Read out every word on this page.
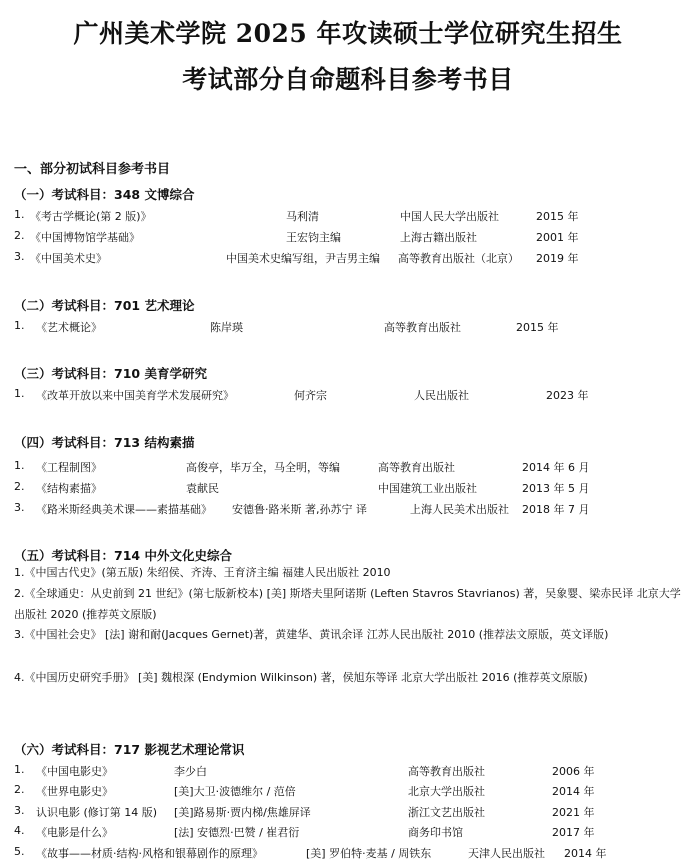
广州美术学院 2025 年攻读硕士学位研究生招生
考试部分自命题科目参考书目
一、部分初试科目参考书目
（一）考试科目：348 文博综合
1. 《考古学概论(第 2 版)》	马利清	中国人民大学出版社	2015 年
2. 《中国博物馆学基础》	王宏钧主编	上海古籍出版社	2001 年
3. 《中国美术史》	中国美术史编写组，尹吉男主编 高等教育出版社（北京） 2019 年
（二）考试科目：701 艺术理论
1. 《艺术概论》	陈岸瑛	高等教育出版社	2015 年
（三）考试科目：710 美育学研究
1. 《改革开放以来中国美育学术发展研究》	何齐宗	人民出版社	2023 年
（四）考试科目：713 结构素描
1. 《工程制图》	高俊亭，毕万全，马全明，等编	高等教育出版社	2014 年 6 月
2. 《结构素描》	袁献民	中国建筑工业出版社	2013 年 5 月
3. 《路米斯经典美术课——素描基础》 安德鲁·路米斯 著,孙苏宁 译	上海人民美术出版社 2018 年 7 月
（五）考试科目：714 中外文化史综合
1.《中国古代史》(第五版) 朱绍侯、齐涛、王育济主编 福建人民出版社 2010
2.《全球通史：从史前到 21 世纪》(第七版新校本) [美] 斯塔夫里阿诺斯 (Leften Stavros Stavrianos) 著，吴象婴、梁赤民译 北京大学出版社 2020 (推荐英文原版)
3.《中国社会史》 [法] 谢和耐(Jacques Gernet)著，黄建华、黄讯余译 江苏人民出版社 2010 (推荐法文原版，英文译版)
4.《中国历史研究手册》 [美] 魏根深 (Endymion Wilkinson) 著，侯旭东等译 北京大学出版社 2016 (推荐英文原版)
（六）考试科目：717 影视艺术理论常识
1. 《中国电影史》	李少白	高等教育出版社	2006 年
2. 《世界电影史》	[美]大卫·波德维尔 / 范倍	北京大学出版社	2014 年
3. 认识电影 (修订第 14 版) [美]路易斯·贾内梯/焦雄屏译	浙江文艺出版社	2021 年
4. 《电影是什么》	[法] 安德烈·巴赞 / 崔君衍	商务印书馆	2017 年
5. 《故事——材质·结构·风格和银幕剧作的原理》	[美] 罗伯特·麦基 / 周铁东	天津人民出版社 2014 年
